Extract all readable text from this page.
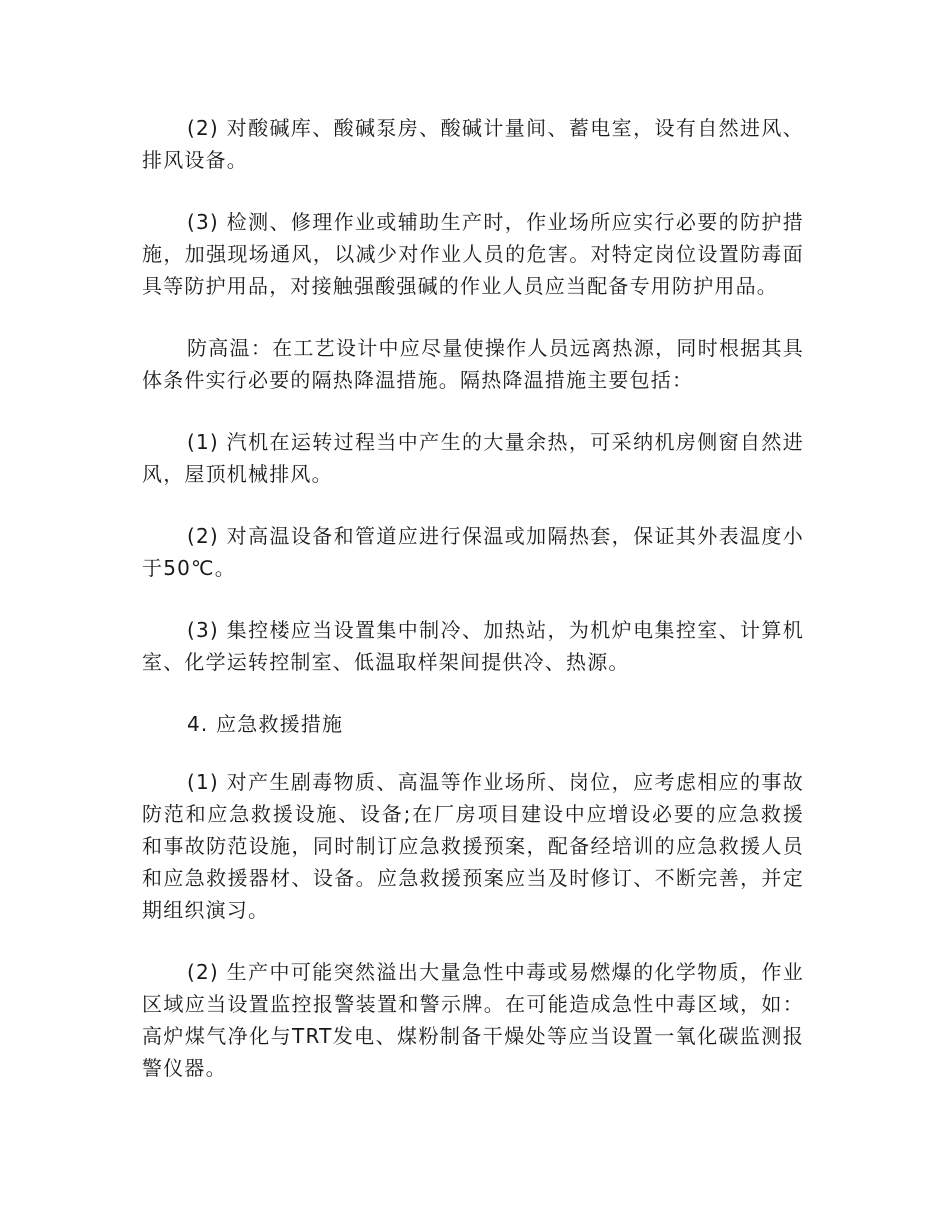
(2) 对酸碱库、酸碱泵房、酸碱计量间、蓄电室，设有自然进风、排风设备。

(3) 检测、修理作业或辅助生产时，作业场所应实行必要的防护措施，加强现场通风，以减少对作业人员的危害。对特定岗位设置防毒面具等防护用品，对接触强酸强碱的作业人员应当配备专用防护用品。

防高温：在工艺设计中应尽量使操作人员远离热源，同时根据其具体条件实行必要的隔热降温措施。隔热降温措施主要包括：

(1) 汽机在运转过程当中产生的大量余热，可采纳机房侧窗自然进风，屋顶机械排风。

(2) 对高温设备和管道应进行保温或加隔热套，保证其外表温度小于50℃。

(3) 集控楼应当设置集中制冷、加热站，为机炉电集控室、计算机室、化学运转控制室、低温取样架间提供冷、热源。

4. 应急救援措施

(1) 对产生剧毒物质、高温等作业场所、岗位，应考虑相应的事故防范和应急救援设施、设备;在厂房项目建设中应增设必要的应急救援和事故防范设施，同时制订应急救援预案，配备经培训的应急救援人员和应急救援器材、设备。应急救援预案应当及时修订、不断完善，并定期组织演习。

(2) 生产中可能突然溢出大量急性中毒或易燃爆的化学物质，作业区域应当设置监控报警装置和警示牌。在可能造成急性中毒区域，如：高炉煤气净化与TRT发电、煤粉制备干燥处等应当设置一氧化碳监测报警仪器。
